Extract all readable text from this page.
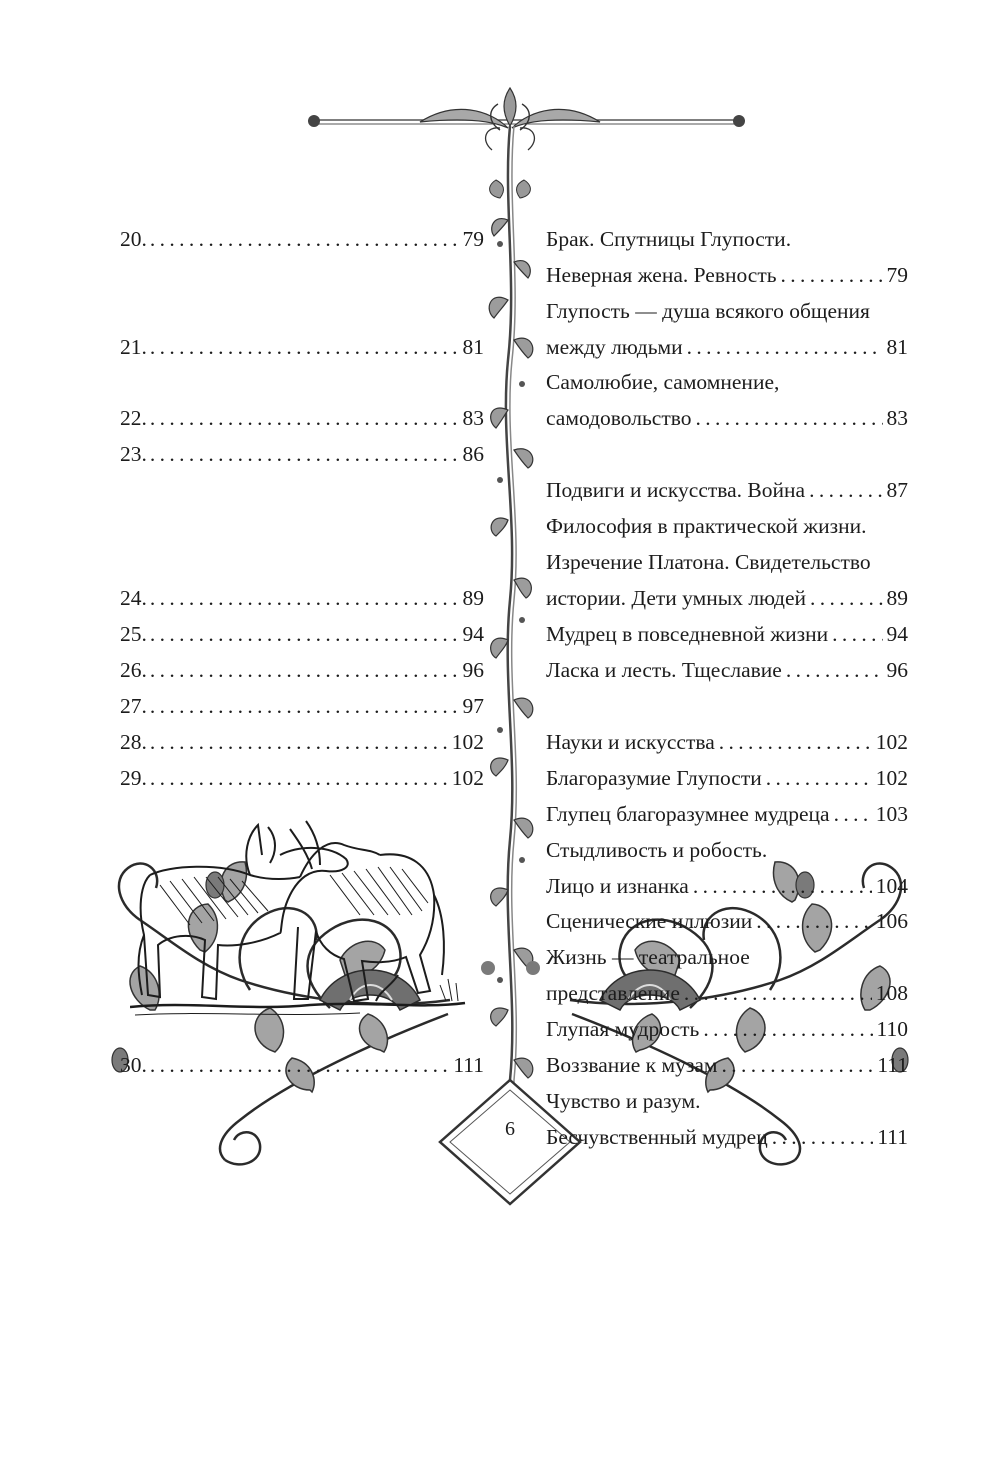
20. . . .	79
21. . . .	81
22. . . .	83
23. . . .	86
24. . . .	89
25. . . .	94
26. . . .	96
27. . . .	97
28. . . .	102
29. . . .	102
30. . . .	111
Брак. Спутницы Глупости.
Неверная жена. Ревность . . .	79
Глупость — душа всякого общения
между людьми . . .	81
Самолюбие, самомнение,
самодовольство . . .	83
Подвиги и искусства. Война . . .	87
Философия в практической жизни.
Изречение Платона. Свидетельство
истории. Дети умных людей . . .	89
Мудрец в повседневной жизни . . .	94
Ласка и лесть. Тщеславие . . .	96
Науки и искусства . . .	102
Благоразумие Глупости . . .	102
Глупец благоразумнее мудреца . . . 103
Стыдливость и робость.
Лицо и изнанка . . .	104
Сценические иллюзии . . .	106
Жизнь — театральное
представление . . .	108
Глупая мудрость . . .	110
Воззвание к музам . . .	111
Чувство и разум.
Бесчувственный мудрец . . .	111
6
